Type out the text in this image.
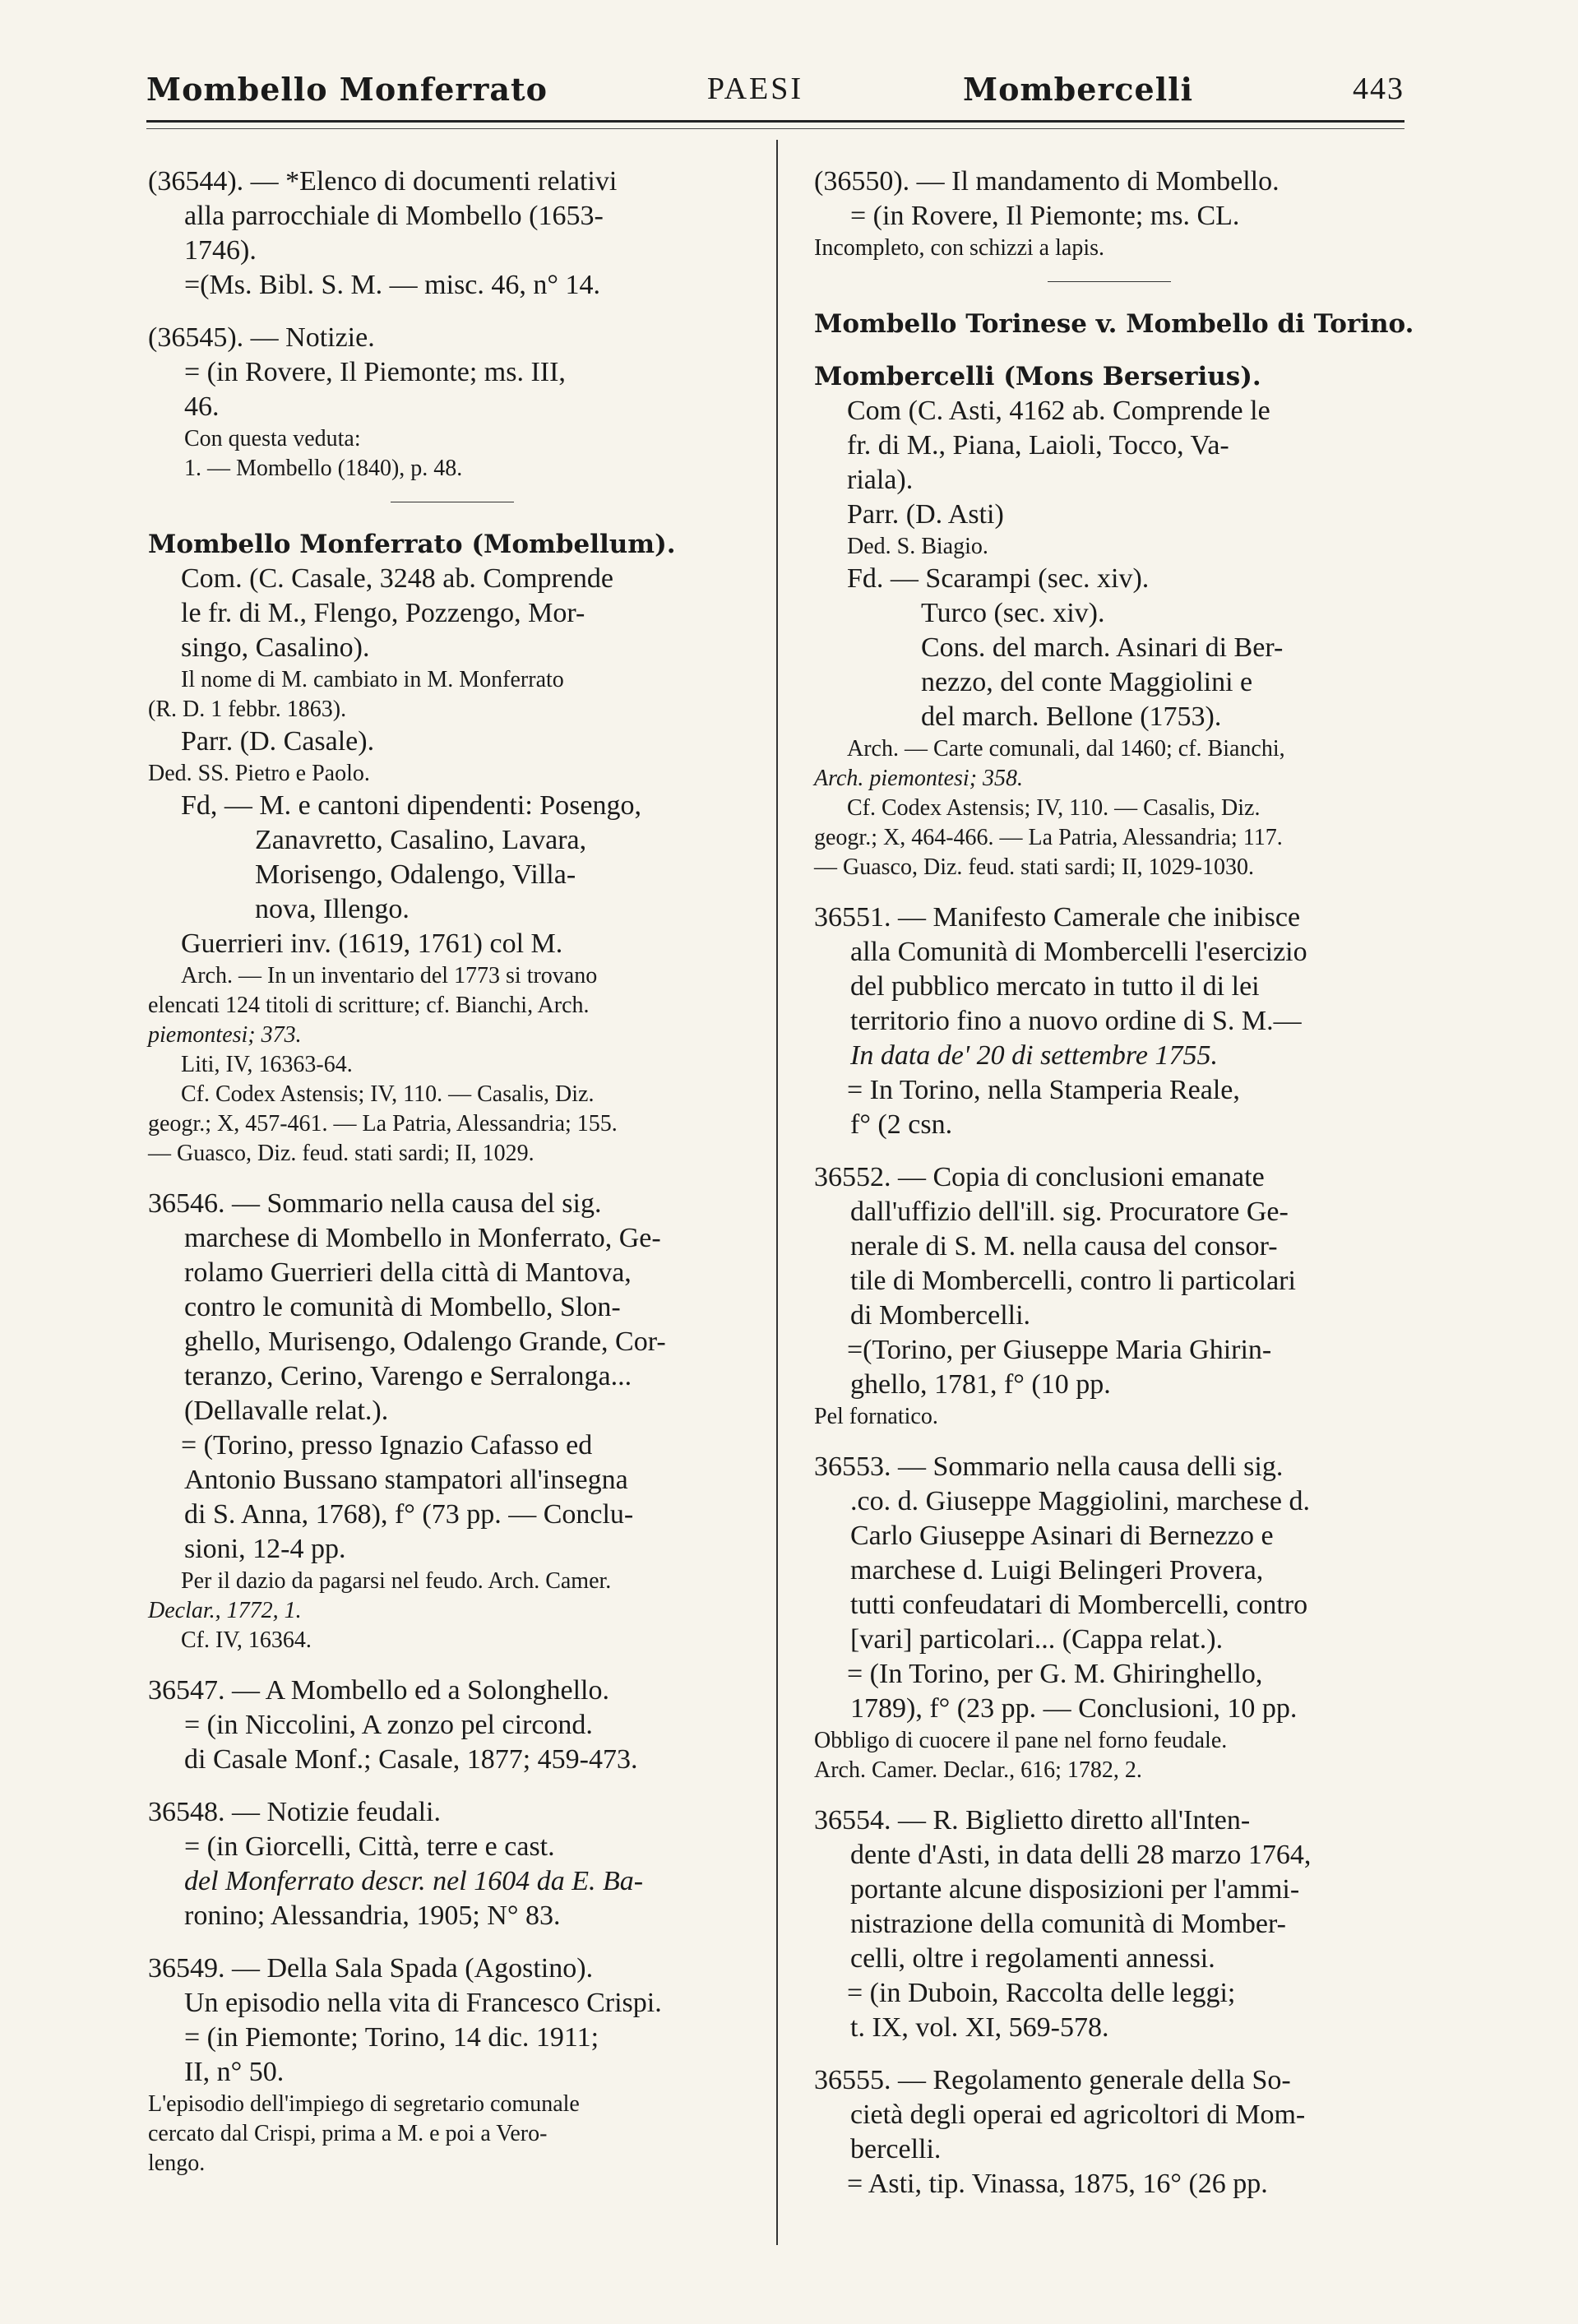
Mombello Monferrato	PAESI	Mombercelli	443
(36544). — *Elenco di documenti relativi
alla parrocchiale di Mombello (1653-
1746).
=(Ms. Bibl. S. M. — misc. 46, n° 14.
(36545). — Notizie.
= (in Rovere, Il Piemonte; ms. III,
46.
Con questa veduta:
1. — Mombello (1840), p. 48.
Mombello Monferrato (Mombellum).
Com. (C. Casale, 3248 ab. Comprende
le fr. di M., Flengo, Pozzengo, Mor-
singo, Casalino).
Il nome di M. cambiato in M. Monferrato
(R. D. 1 febbr. 1863).
Parr. (D. Casale).
Ded. SS. Pietro e Paolo.
Fd, — M. e cantoni dipendenti: Posengo,
Zanavretto, Casalino, Lavara,
Morisengo, Odalengo, Villa-
nova, Illengo.
Guerrieri inv. (1619, 1761) col M.
Arch. — In un inventario del 1773 si trovano
elencati 124 titoli di scritture; cf. Bianchi, Arch.
piemontesi; 373.
Liti, IV, 16363-64.
Cf. Codex Astensis; IV, 110. — Casalis, Diz.
geogr.; X, 457-461. — La Patria, Alessandria; 155.
— Guasco, Diz. feud. stati sardi; II, 1029.
36546. — Sommario nella causa del sig.
marchese di Mombello in Monferrato, Ge-
rolamo Guerrieri della città di Mantova,
contro le comunità di Mombello, Slon-
ghello, Murisengo, Odalengo Grande, Cor-
teranzo, Cerino, Varengo e Serralonga...
(Dellavalle relat.).
= (Torino, presso Ignazio Cafasso ed
Antonio Bussano stampatori all'insegna
di S. Anna, 1768), f° (73 pp. — Conclu-
sioni, 12-4 pp.
Per il dazio da pagarsi nel feudo. Arch. Camer.
Declar., 1772, 1.
Cf. IV, 16364.
36547. — A Mombello ed a Solonghello.
= (in Niccolini, A zonzo pel circond.
di Casale Monf.; Casale, 1877; 459-473.
36548. — Notizie feudali.
= (in Giorcelli, Città, terre e cast.
del Monferrato descr. nel 1604 da E. Ba-
ronino; Alessandria, 1905; N° 83.
36549. — Della Sala Spada (Agostino).
Un episodio nella vita di Francesco Crispi.
= (in Piemonte; Torino, 14 dic. 1911;
II, n° 50.
L'episodio dell'impiego di segretario comunale
cercato dal Crispi, prima a M. e poi a Vero-
lengo.
(36550). — Il mandamento di Mombello.
= (in Rovere, Il Piemonte; ms. CL.
Incompleto, con schizzi a lapis.
Mombello Torinese v. Mombello di Torino.
Mombercelli (Mons Berserius).
Com (C. Asti, 4162 ab. Comprende le
fr. di M., Piana, Laioli, Tocco, Va-
riala).
Parr. (D. Asti)
Ded. S. Biagio.
Fd. — Scarampi (sec. xiv).
Turco (sec. xiv).
Cons. del march. Asinari di Ber-
nezzo, del conte Maggiolini e
del march. Bellone (1753).
Arch. — Carte comunali, dal 1460; cf. Bianchi,
Arch. piemontesi; 358.
Cf. Codex Astensis; IV, 110. — Casalis, Diz.
geogr.; X, 464-466. — La Patria, Alessandria; 117.
— Guasco, Diz. feud. stati sardi; II, 1029-1030.
36551. — Manifesto Camerale che inibisce
alla Comunità di Mombercelli l'esercizio
del pubblico mercato in tutto il di lei
territorio fino a nuovo ordine di S. M.—
In data de' 20 di settembre 1755.
= In Torino, nella Stamperia Reale,
f° (2 csn.
36552. — Copia di conclusioni emanate
dall'uffizio dell'ill. sig. Procuratore Ge-
nerale di S. M. nella causa del consor-
tile di Mombercelli, contro li particolari
di Mombercelli.
=(Torino, per Giuseppe Maria Ghirin-
ghello, 1781, f° (10 pp.
Pel fornatico.
36553. — Sommario nella causa delli sig.
.co. d. Giuseppe Maggiolini, marchese d.
Carlo Giuseppe Asinari di Bernezzo e
marchese d. Luigi Belingeri Provera,
tutti confeudatari di Mombercelli, contro
[vari] particolari... (Cappa relat.).
= (In Torino, per G. M. Ghiringhello,
1789), f° (23 pp. — Conclusioni, 10 pp.
Obbligo di cuocere il pane nel forno feudale.
Arch. Camer. Declar., 616; 1782, 2.
36554. — R. Biglietto diretto all'Inten-
dente d'Asti, in data delli 28 marzo 1764,
portante alcune disposizioni per l'ammi-
nistrazione della comunità di Momber-
celli, oltre i regolamenti annessi.
= (in Duboin, Raccolta delle leggi;
t. IX, vol. XI, 569-578.
36555. — Regolamento generale della So-
cietà degli operai ed agricoltori di Mom-
bercelli.
= Asti, tip. Vinassa, 1875, 16° (26 pp.
